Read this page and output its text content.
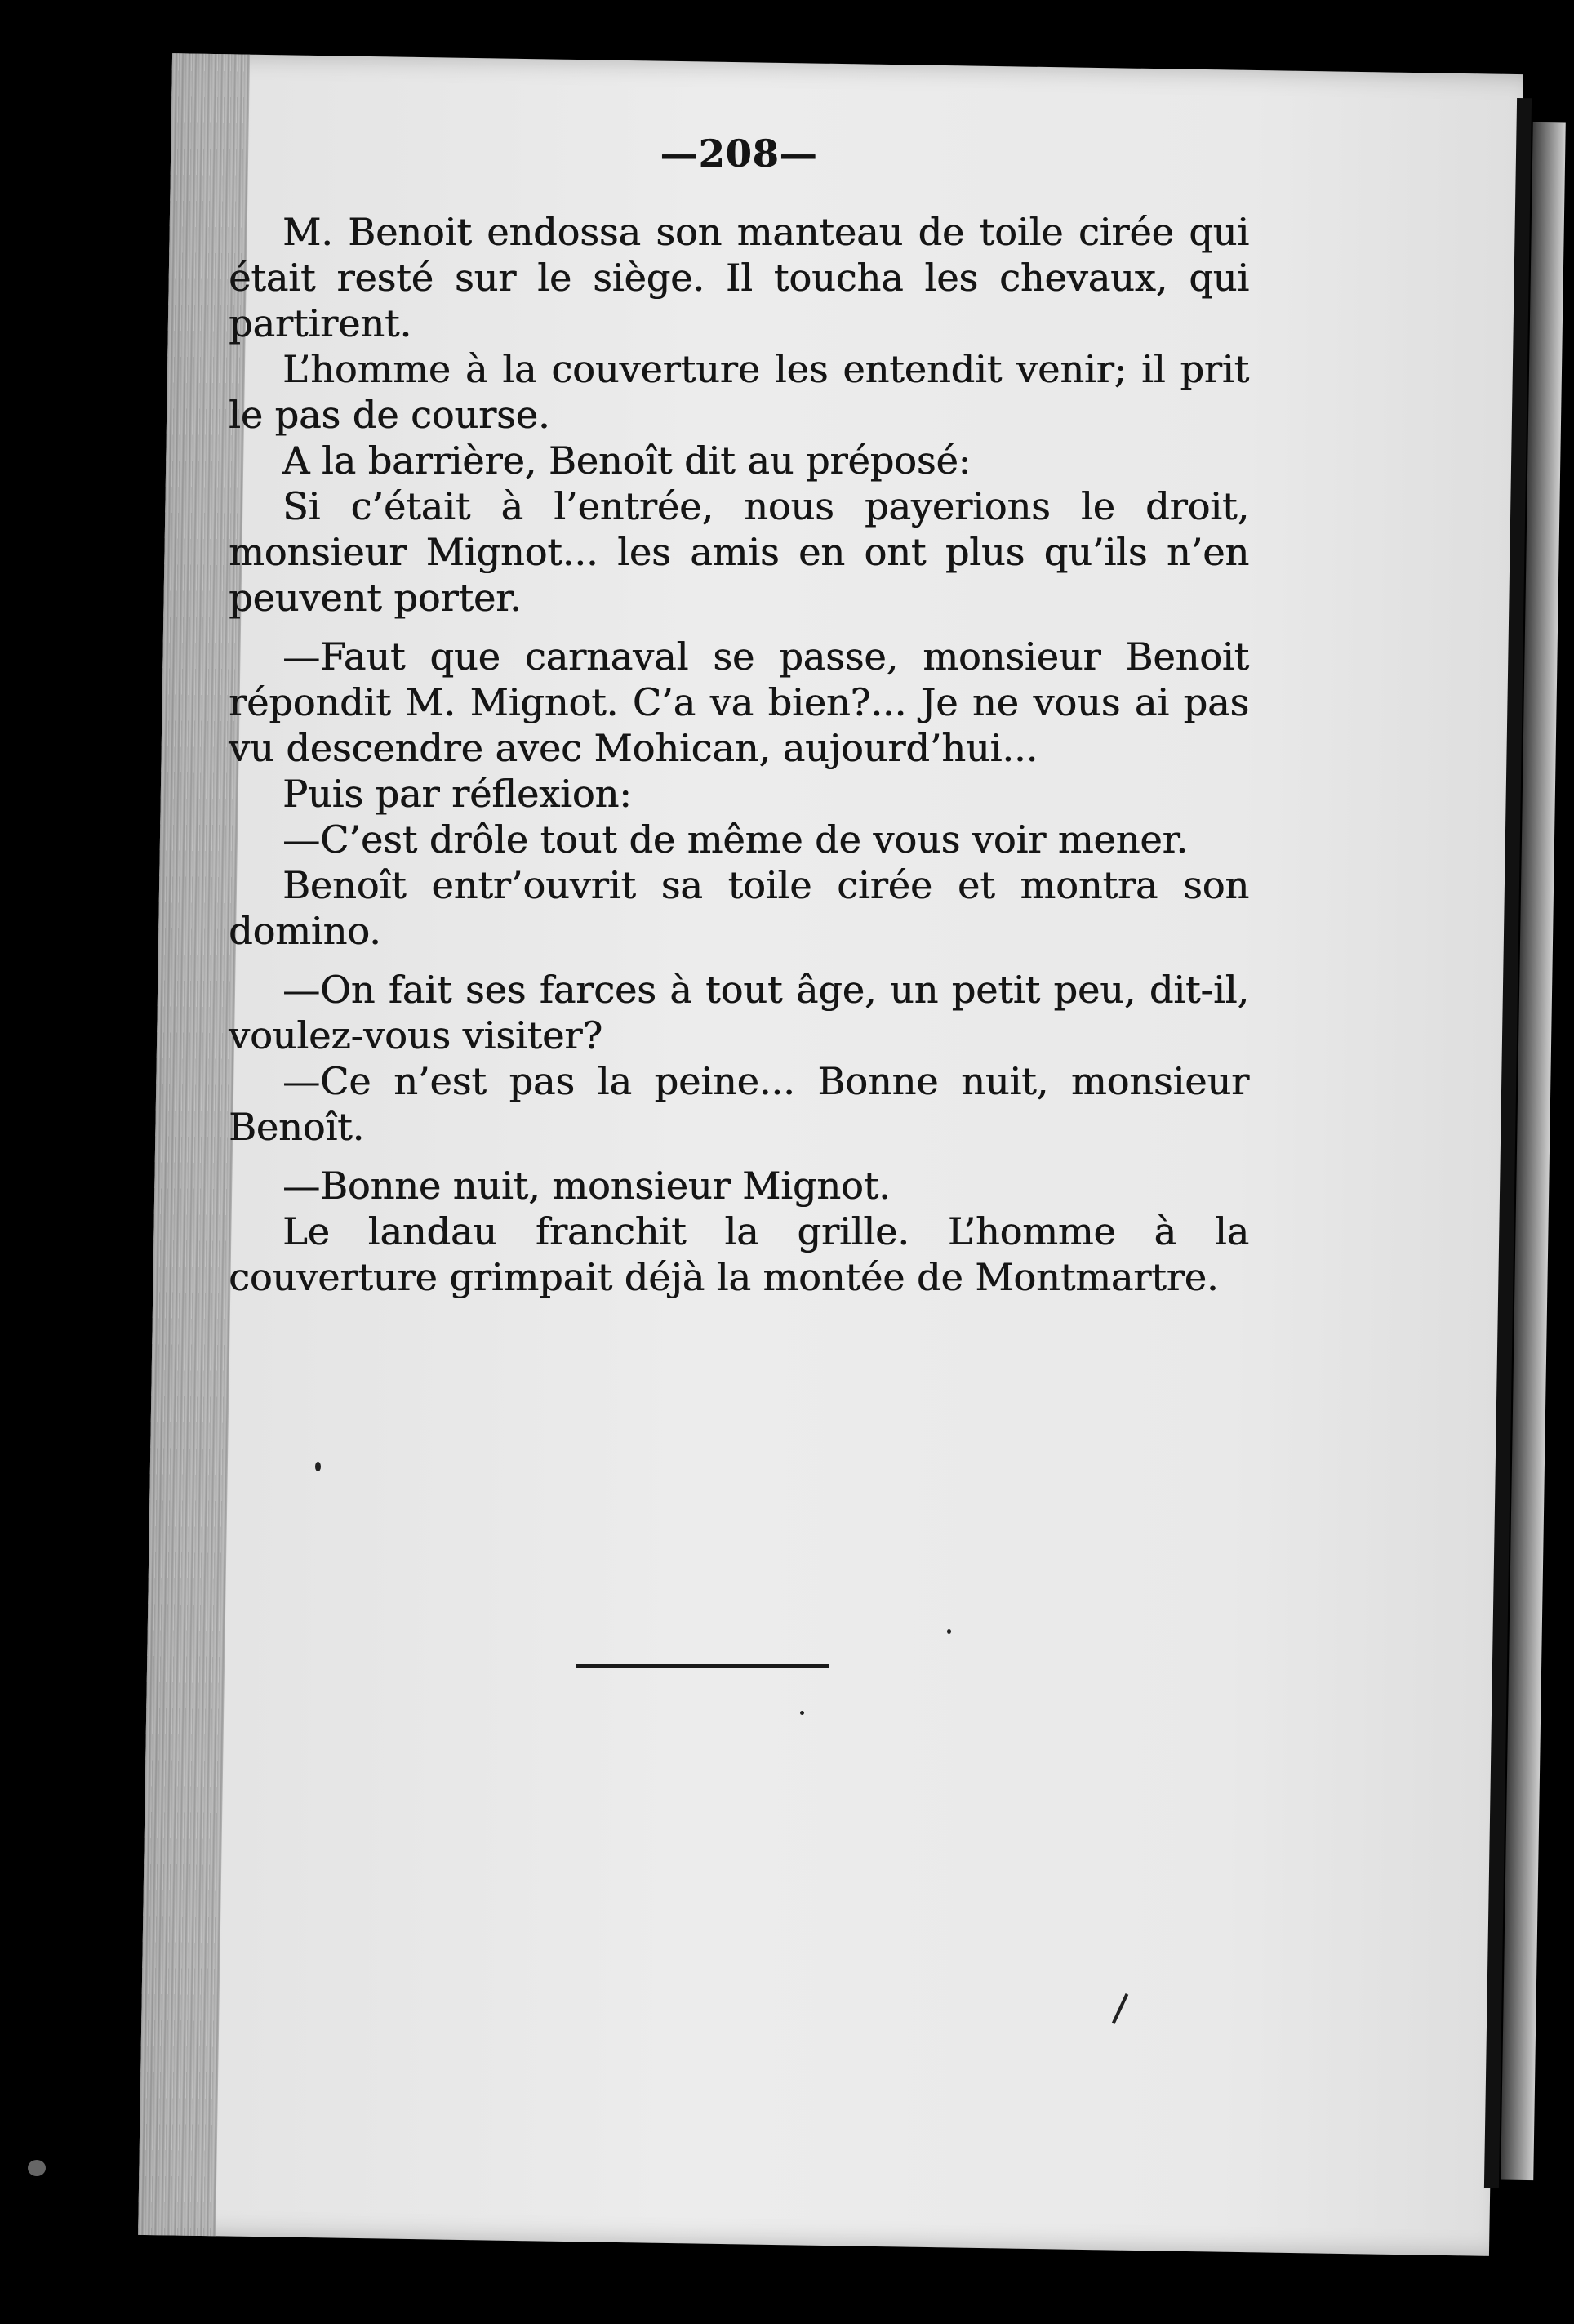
—208—

M. Benoit endossa son manteau de toile cirée qui était resté sur le siège. Il toucha les chevaux, qui partirent.

L’homme à la couverture les entendit venir; il prit le pas de course.

A la barrière, Benoît dit au préposé:

Si c’était à l’entrée, nous payerions le droit, monsieur Mignot... les amis en ont plus qu’ils n’en peuvent porter.

—Faut que carnaval se passe, monsieur Benoit répondit M. Mignot. C’a va bien?... Je ne vous ai pas vu descendre avec Mohican, aujourd’hui...

Puis par réflexion:

—C’est drôle tout de même de vous voir mener.

Benoît entr’ouvrit sa toile cirée et montra son domino.

—On fait ses farces à tout âge, un petit peu, dit-il, voulez-vous visiter?

—Ce n’est pas la peine... Bonne nuit, monsieur Benoît.

—Bonne nuit, monsieur Mignot.

Le landau franchit la grille. L’homme à la couverture grimpait déjà la montée de Montmartre.
